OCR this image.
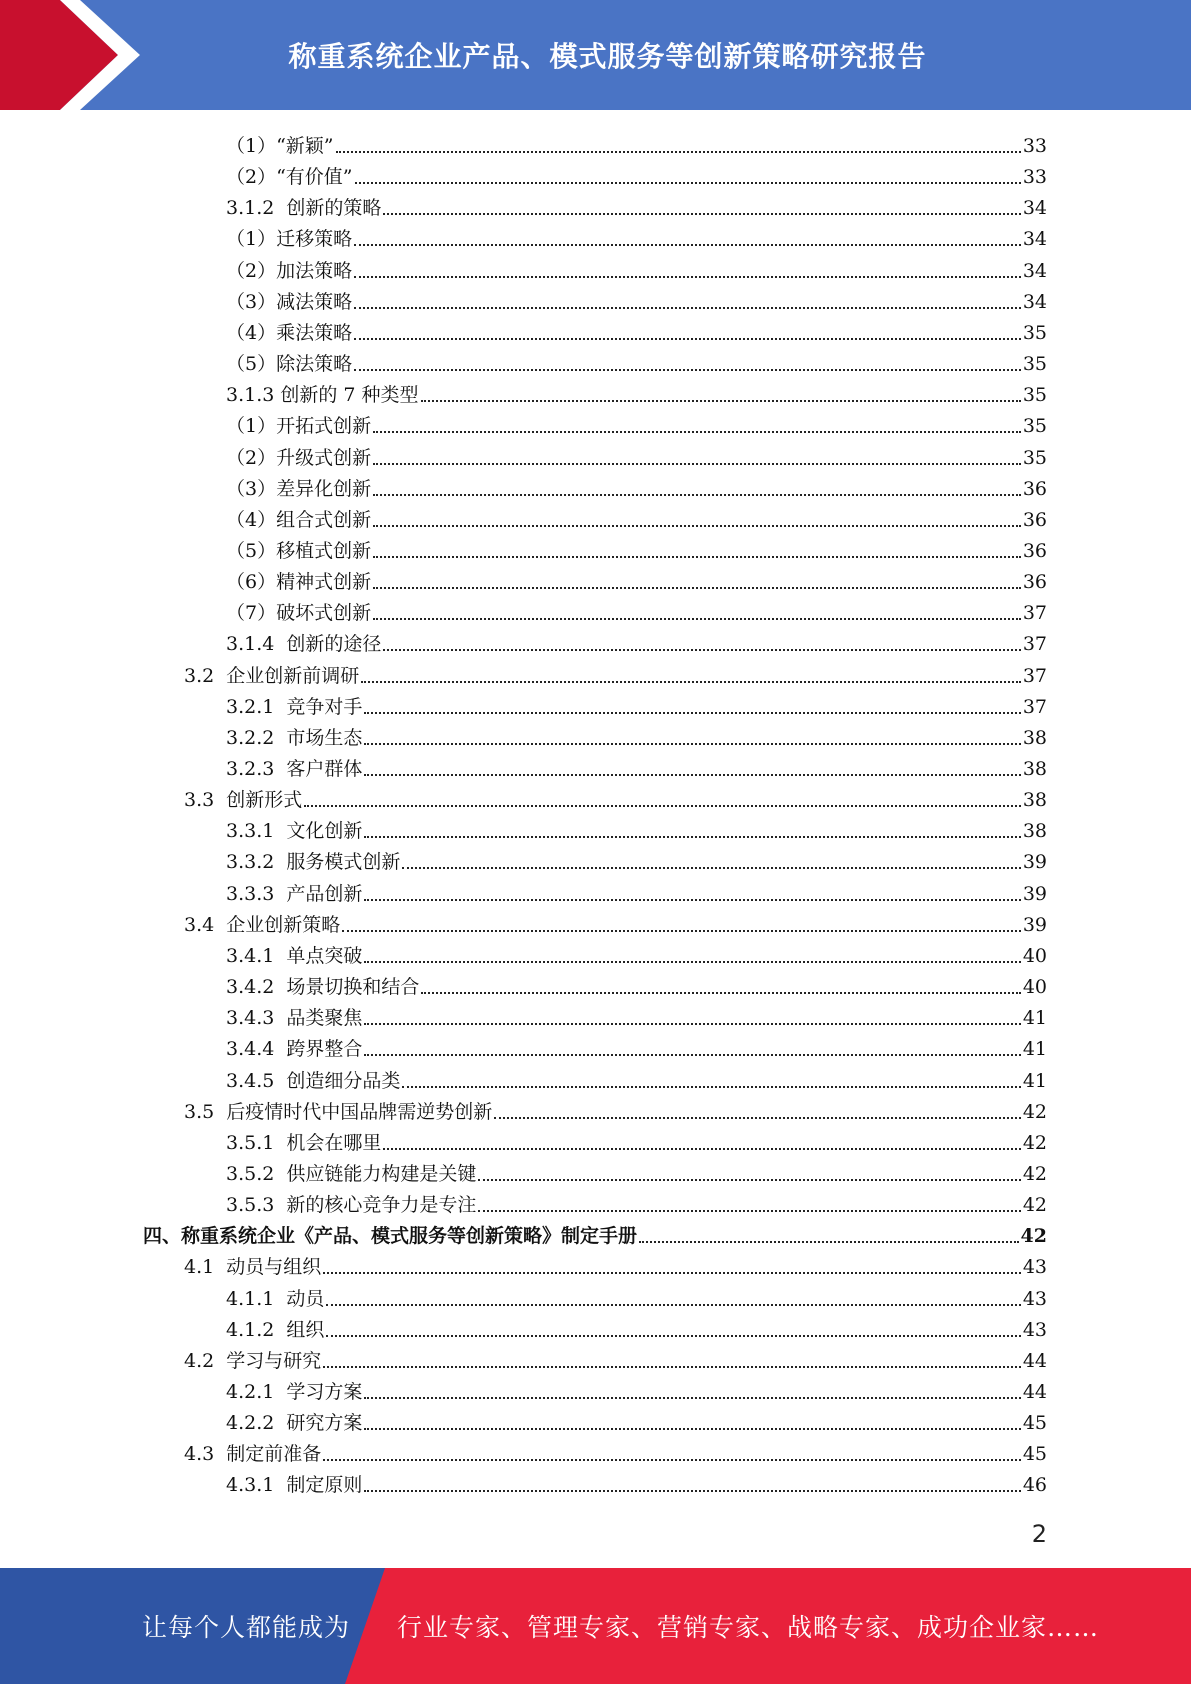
称重系统企业产品、模式服务等创新策略研究报告
（1）“新颖”	33
（2）“有价值”	33
3.1.2  创新的策略	34
（1）迁移策略	34
（2）加法策略	34
（3）减法策略	34
（4）乘法策略	35
（5）除法策略	35
3.1.3 创新的 7 种类型	35
（1）开拓式创新	35
（2）升级式创新	35
（3）差异化创新	36
（4）组合式创新	36
（5）移植式创新	36
（6）精神式创新	36
（7）破坏式创新	37
3.1.4  创新的途径	37
3.2  企业创新前调研	37
3.2.1  竞争对手	37
3.2.2  市场生态	38
3.2.3  客户群体	38
3.3  创新形式	38
3.3.1  文化创新	38
3.3.2  服务模式创新	39
3.3.3  产品创新	39
3.4  企业创新策略	39
3.4.1  单点突破	40
3.4.2  场景切换和结合	40
3.4.3  品类聚焦	41
3.4.4  跨界整合	41
3.4.5  创造细分品类	41
3.5  后疫情时代中国品牌需逆势创新	42
3.5.1  机会在哪里	42
3.5.2  供应链能力构建是关键	42
3.5.3  新的核心竞争力是专注	42
四、称重系统企业《产品、模式服务等创新策略》制定手册	42
4.1  动员与组织	43
4.1.1  动员	43
4.1.2  组织	43
4.2  学习与研究	44
4.2.1  学习方案	44
4.2.2  研究方案	45
4.3  制定前准备	45
4.3.1  制定原则	46
2
让每个人都能成为 行业专家、管理专家、营销专家、战略专家、成功企业家……
